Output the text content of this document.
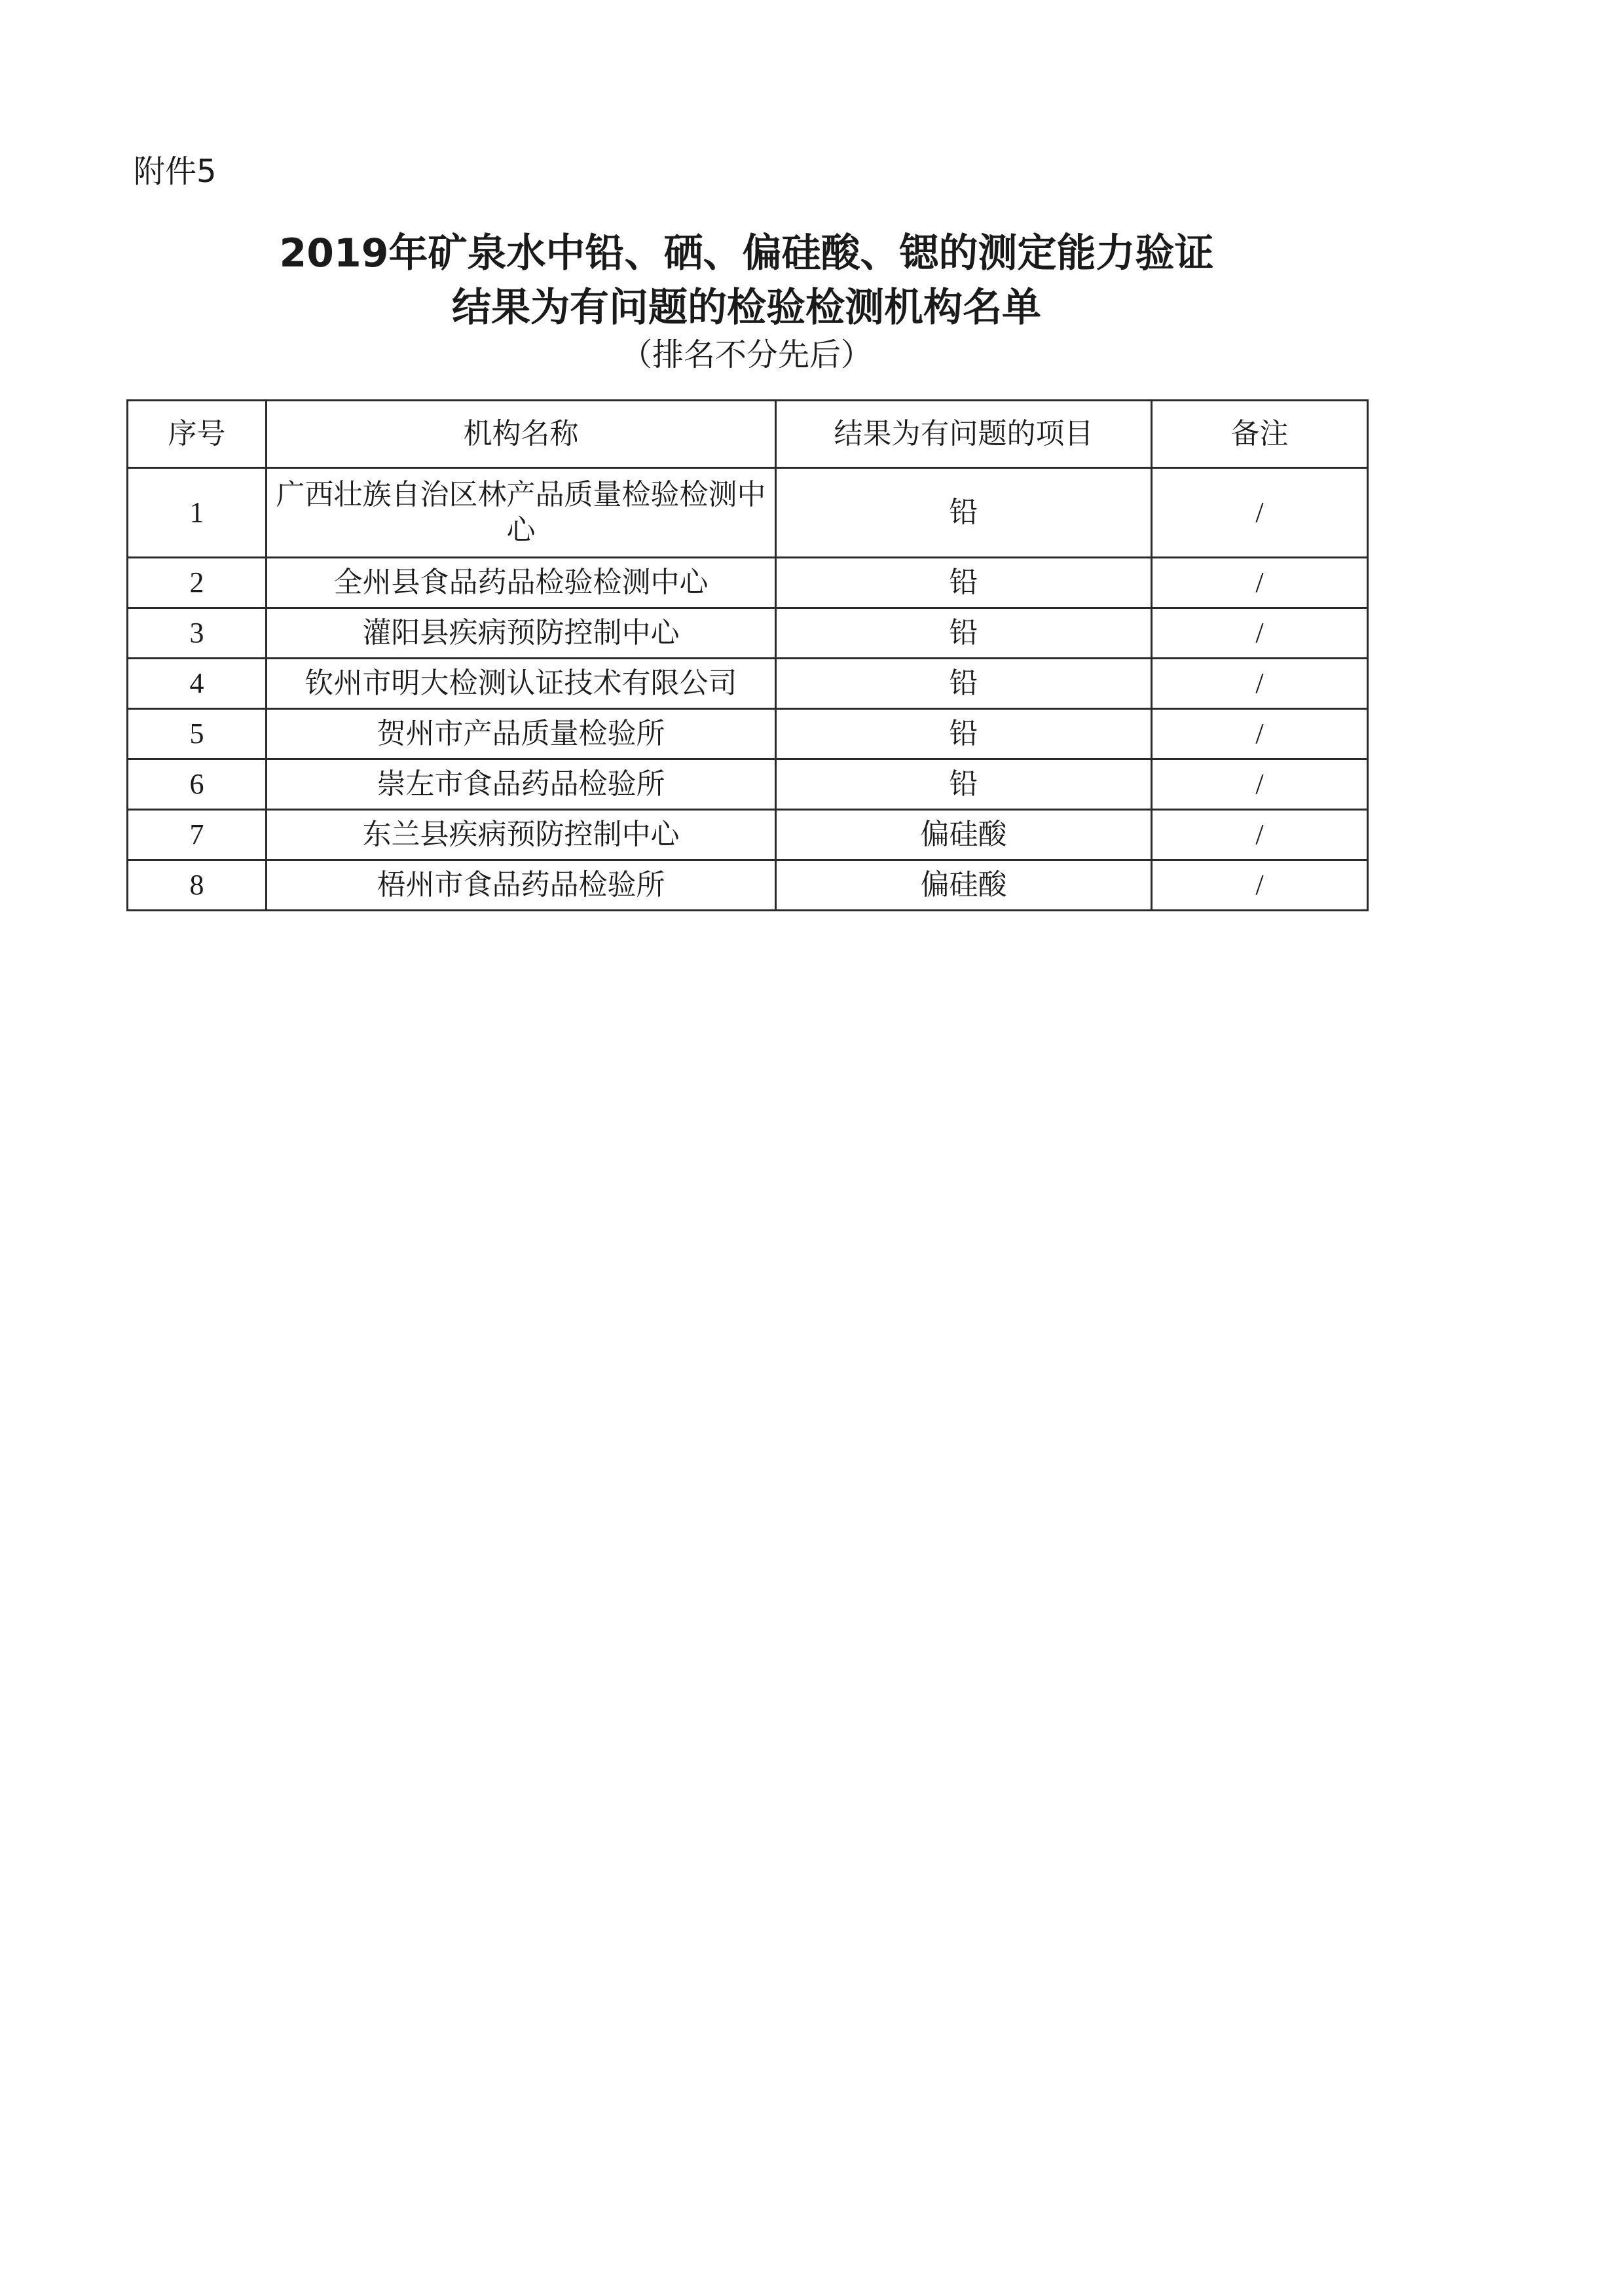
附件5
2019年矿泉水中铅、硒、偏硅酸、锶的测定能力验证
结果为有问题的检验检测机构名单
（排名不分先后）
序号	机构名称	结果为有问题的项目	备注
1	广西壮族自治区林产品质量检验检测中心	铅	/
2	全州县食品药品检验检测中心	铅	/
3	灌阳县疾病预防控制中心	铅	/
4	钦州市明大检测认证技术有限公司	铅	/
5	贺州市产品质量检验所	铅	/
6	崇左市食品药品检验所	铅	/
7	东兰县疾病预防控制中心	偏硅酸	/
8	梧州市食品药品检验所	偏硅酸	/
